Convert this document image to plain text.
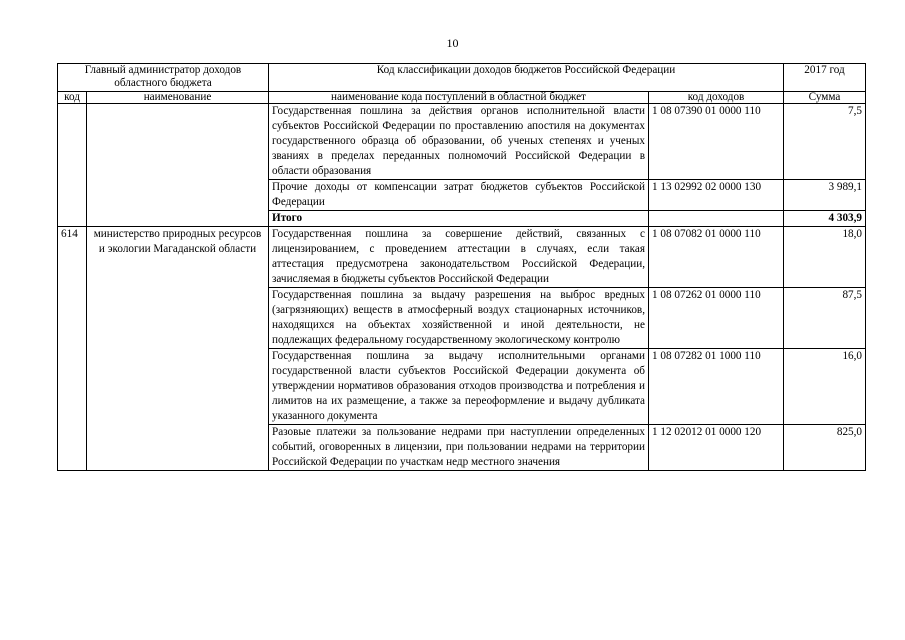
10
Главный администратор доходов областного бюджета		Код классификации доходов бюджетов Российской Федерации		2017 год
код	наименование	наименование кода поступлений в областной бюджет	код доходов	Сумма
		Государственная пошлина за действия органов исполнительной власти субъектов Российской Федерации по проставлению апостиля на документах государственного образца об образовании, об ученых степенях и ученых званиях в пределах переданных полномочий Российской Федерации в области образования	1 08 07390 01 0000 110	7,5
		Прочие доходы от компенсации затрат бюджетов субъектов Российской Федерации	1 13 02992 02 0000 130	3 989,1
		Итого		4 303,9
614	министерство природных ресурсов и экологии Магаданской области	Государственная пошлина за совершение действий, связанных с лицензированием, с проведением аттестации в случаях, если такая аттестация предусмотрена законодательством Российской Федерации, зачисляемая в бюджеты субъектов Российской Федерации	1 08 07082 01 0000 110	18,0
		Государственная пошлина за выдачу разрешения на выброс вредных (загрязняющих) веществ в атмосферный воздух стационарных источников, находящихся на объектах хозяйственной и иной деятельности, не подлежащих федеральному государственному экологическому контролю	1 08 07262 01 0000 110	87,5
		Государственная пошлина за выдачу исполнительными органами государственной власти субъектов Российской Федерации документа об утверждении нормативов образования отходов производства и потребления и лимитов на их размещение, а также за переоформление и выдачу дубликата указанного документа	1 08 07282 01 1000 110	16,0
		Разовые платежи за пользование недрами при наступлении определенных событий, оговоренных в лицензии, при пользовании недрами на территории Российской Федерации по участкам недр местного значения	1 12 02012 01 0000 120	825,0
